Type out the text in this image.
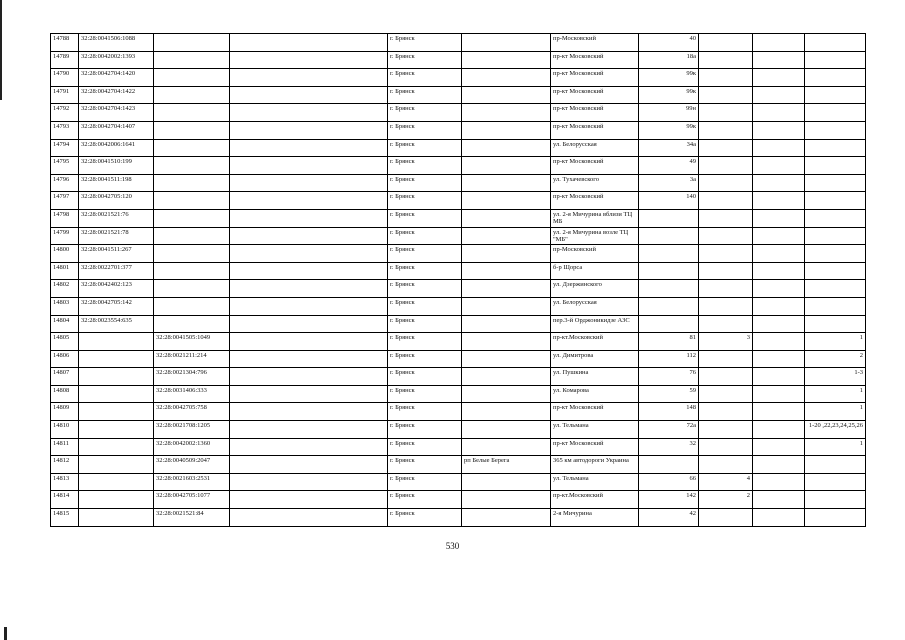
14788	32:28:0041506:1088			г. Брянск		пр-Московский	40			
14789	32:28:0042002:1393			г. Брянск		пр-кт Московский	18a			
14790	32:28:0042704:1420			г. Брянск		пр-кт Московский	99к			
14791	32:28:0042704:1422			г. Брянск		пр-кт Московский	99к			
14792	32:28:0042704:1423			г. Брянск		пр-кт Московский	99н			
14793	32:28:0042704:1407			г. Брянск		пр-кт Московский	99к			
14794	32:28:0042006:1641			г. Брянск		ул. Белорусская	34a			
14795	32:28:0041510:199			г. Брянск		пр-кт Московский	49			
14796	32:28:0041511:198			г. Брянск		ул. Тухачевского	3a			
14797	32:28:0042705:120			г. Брянск		пр-кт Московский	140			
14798	32:28:0021521:76			г. Брянск		ул. 2-я Мичурина вблизи ТЦ МБ				
14799	32:28:0021521:78			г. Брянск		ул. 2-я Мичурина возле ТЦ "МБ"				
14800	32:28:0041511:267			г. Брянск		пр-Московский				
14801	32:28:0022701:377			г. Брянск		б-р Щорса				
14802	32:28:0042402:123			г. Брянск		ул. Дзержинского				
14803	32:28:0042705:142			г. Брянск		ул. Белорусская				
14804	32:28:0023554:635			г. Брянск		пер.3-й Орджоникидзе АЗС				
14805		32:28:0041505:1049		г. Брянск		пр-кт.Московский	81	3		1
14806		32:28:0021211:214		г. Брянск		ул. Димитрова	112			2
14807		32:28:0021304:796		г. Брянск		ул. Пушкина	76			1-3
14808		32:28:0031406:333		г. Брянск		ул. Комарова	59			1
14809		32:28:0042705:758		г. Брянск		пр-кт Московский	148			1
14810		32:28:0021708:1205		г. Брянск		ул. Тельмана	72a			1-20 ,22,23,24,25,26
14811		32:28:0042002:1360		г. Брянск		пр-кт Московский	32			1
14812		32:28:0040509:2047		г. Брянск	рп Белые Берега	365 км автодороги Украина				
14813		32:28:0021603:2531		г. Брянск		ул. Тельмана	66	4		
14814		32:28:0042705:1077		г. Брянск		пр-кт.Московский	142	2		
14815		32:28:0021521:84		г. Брянск		2-я Мичурина	42			
530
